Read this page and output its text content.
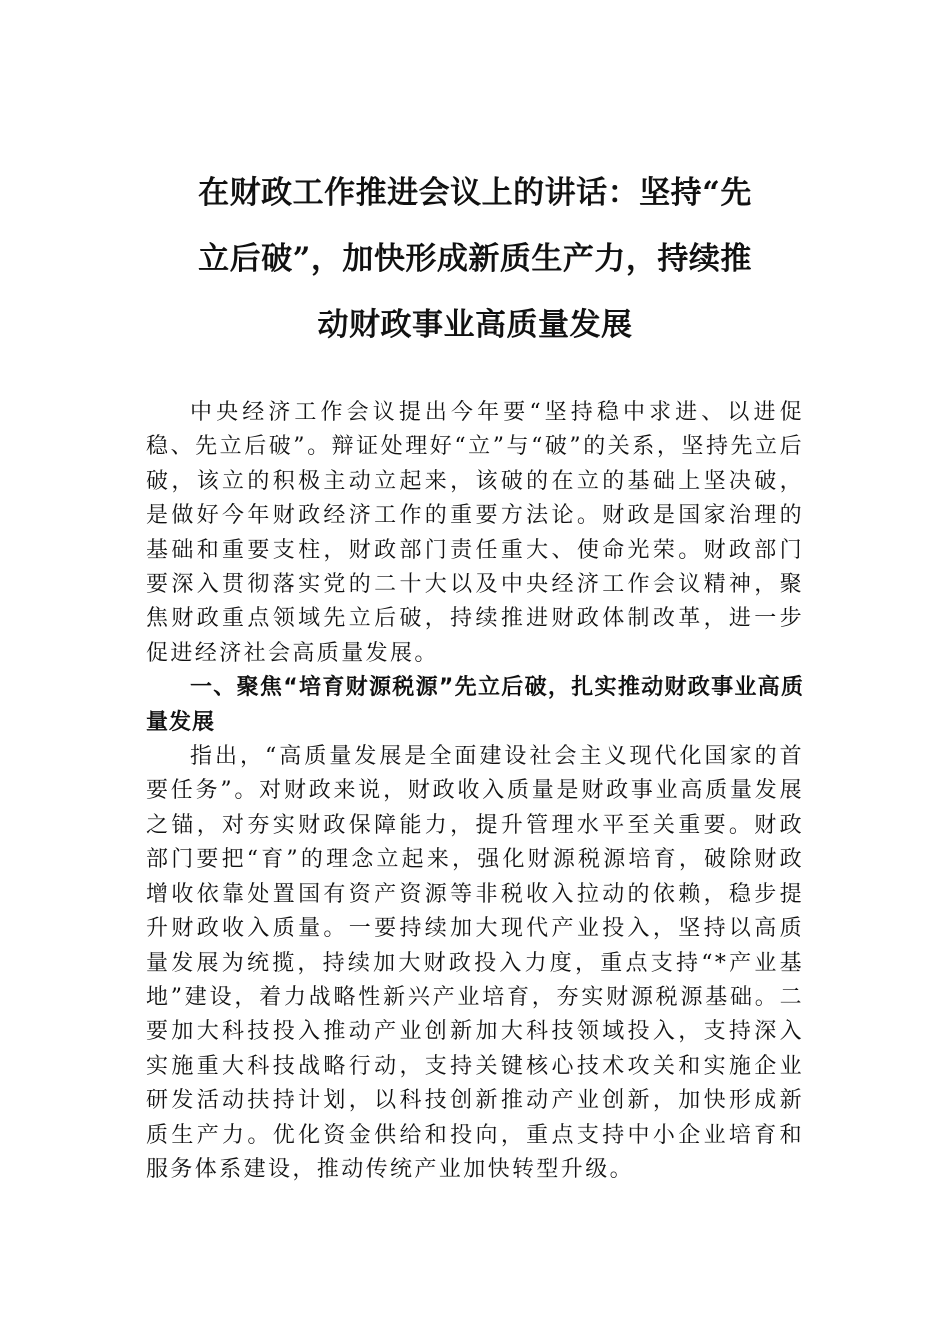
在财政工作推进会议上的讲话：坚持“先
立后破”，加快形成新质生产力，持续推
动财政事业高质量发展

中央经济工作会议提出今年要“坚持稳中求进、以进促稳、先立后破”。辩证处理好“立”与“破”的关系，坚持先立后破，该立的积极主动立起来，该破的在立的基础上坚决破，是做好今年财政经济工作的重要方法论。财政是国家治理的基础和重要支柱，财政部门责任重大、使命光荣。财政部门要深入贯彻落实党的二十大以及中央经济工作会议精神，聚焦财政重点领域先立后破，持续推进财政体制改革，进一步促进经济社会高质量发展。

一、聚焦“培育财源税源”先立后破，扎实推动财政事业高质量发展

指出，“高质量发展是全面建设社会主义现代化国家的首要任务”。对财政来说，财政收入质量是财政事业高质量发展之锚，对夯实财政保障能力，提升管理水平至关重要。财政部门要把“育”的理念立起来，强化财源税源培育，破除财政增收依靠处置国有资产资源等非税收入拉动的依赖，稳步提升财政收入质量。一要持续加大现代产业投入，坚持以高质量发展为统揽，持续加大财政投入力度，重点支持“*产业基地”建设，着力战略性新兴产业培育，夯实财源税源基础。二要加大科技投入推动产业创新加大科技领域投入，支持深入实施重大科技战略行动，支持关键核心技术攻关和实施企业研发活动扶持计划，以科技创新推动产业创新，加快形成新质生产力。优化资金供给和投向，重点支持中小企业培育和服务体系建设，推动传统产业加快转型升级。
